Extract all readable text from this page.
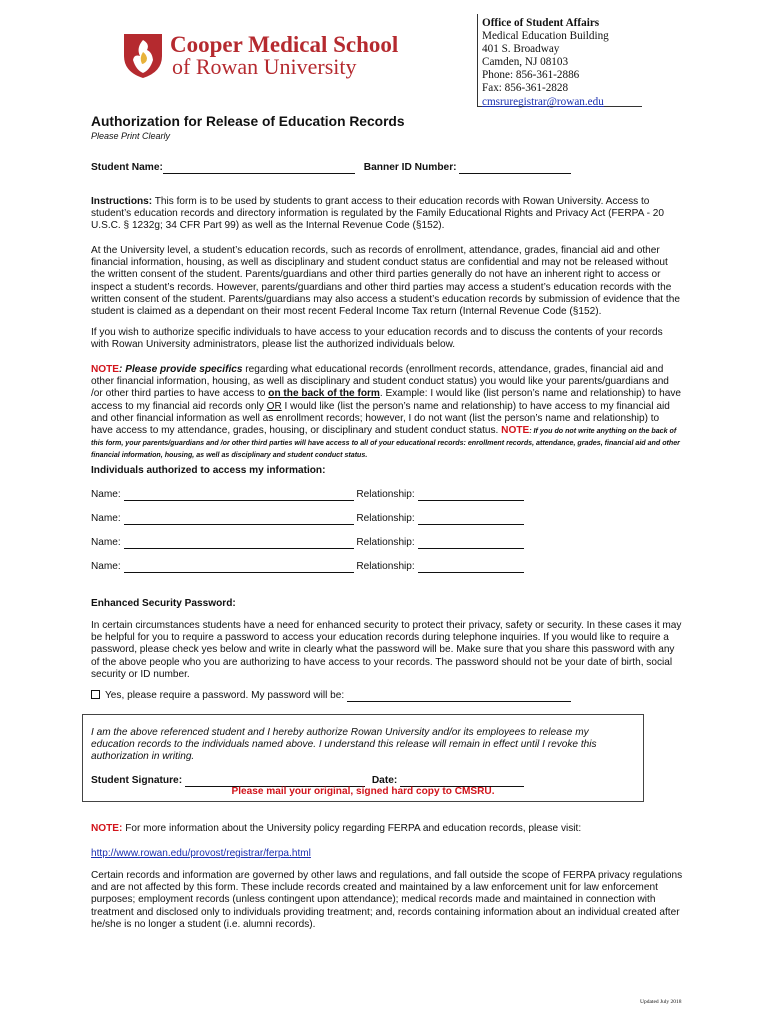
Cooper Medical School
of Rowan University
Office of Student Affairs
Medical Education Building
401 S. Broadway
Camden, NJ 08103
Phone: 856-361-2886
Fax: 856-361-2828
cmsruregistrar@rowan.edu
Authorization for Release of Education Records
Please Print Clearly
Student Name:	Banner ID Number:
Instructions: This form is to be used by students to grant access to their education records with Rowan University. Access to student’s education records and directory information is regulated by the Family Educational Rights and Privacy Act (FERPA - 20 U.S.C. § 1232g; 34 CFR Part 99) as well as the Internal Revenue Code (§152).
At the University level, a student’s education records, such as records of enrollment, attendance, grades, financial aid and other financial information, housing, as well as disciplinary and student conduct status are confidential and may not be released without the written consent of the student. Parents/guardians and other third parties generally do not have an inherent right to access or inspect a student’s records. However, parents/guardians and other third parties may access a student’s education records with the written consent of the student. Parents/guardians may also access a student’s education records by submission of evidence that the student is claimed as a dependant on their most recent Federal Income Tax return (Internal Revenue Code (§152).
If you wish to authorize specific individuals to have access to your education records and to discuss the contents of your records with Rowan University administrators, please list the authorized individuals below.
NOTE: Please provide specifics regarding what educational records (enrollment records, attendance, grades, financial aid and other financial information, housing, as well as disciplinary and student conduct status) you would like your parents/guardians and /or other third parties to have access to on the back of the form. Example: I would like (list person’s name and relationship) to have access to my financial aid records only OR I would like (list the person’s name and relationship) to have access to my financial aid and other financial information as well as enrollment records; however, I do not want (list the person’s name and relationship) to have access to my attendance, grades, housing, or disciplinary and student conduct status. NOTE: If you do not write anything on the back of this form, your parents/guardians and /or other third parties will have access to all of your educational records: enrollment records, attendance, grades, financial aid and other financial information, housing, as well as disciplinary and student conduct status.
Individuals authorized to access my information:
Name:	Relationship:
Name:	Relationship:
Name:	Relationship:
Name:	Relationship:
Enhanced Security Password:
In certain circumstances students have a need for enhanced security to protect their privacy, safety or security. In these cases it may be helpful for you to require a password to access your education records during telephone inquiries. If you would like to require a password, please check yes below and write in clearly what the password will be. Make sure that you share this password with any of the above people who you are authorizing to have access to your records. The password should not be your date of birth, social security or ID number.
Yes, please require a password. My password will be:
I am the above referenced student and I hereby authorize Rowan University and/or its employees to release my education records to the individuals named above. I understand this release will remain in effect until I revoke this authorization in writing.
Student Signature:	Date:
Please mail your original, signed hard copy to CMSRU.
NOTE: For more information about the University policy regarding FERPA and education records, please visit:
http://www.rowan.edu/provost/registrar/ferpa.html
Certain records and information are governed by other laws and regulations, and fall outside the scope of FERPA privacy regulations and are not affected by this form. These include records created and maintained by a law enforcement unit for law enforcement purposes; employment records (unless contingent upon attendance); medical records made and maintained in connection with treatment and disclosed only to individuals providing treatment; and, records containing information about an individual created after he/she is no longer a student (i.e. alumni records).
Updated July 2018
